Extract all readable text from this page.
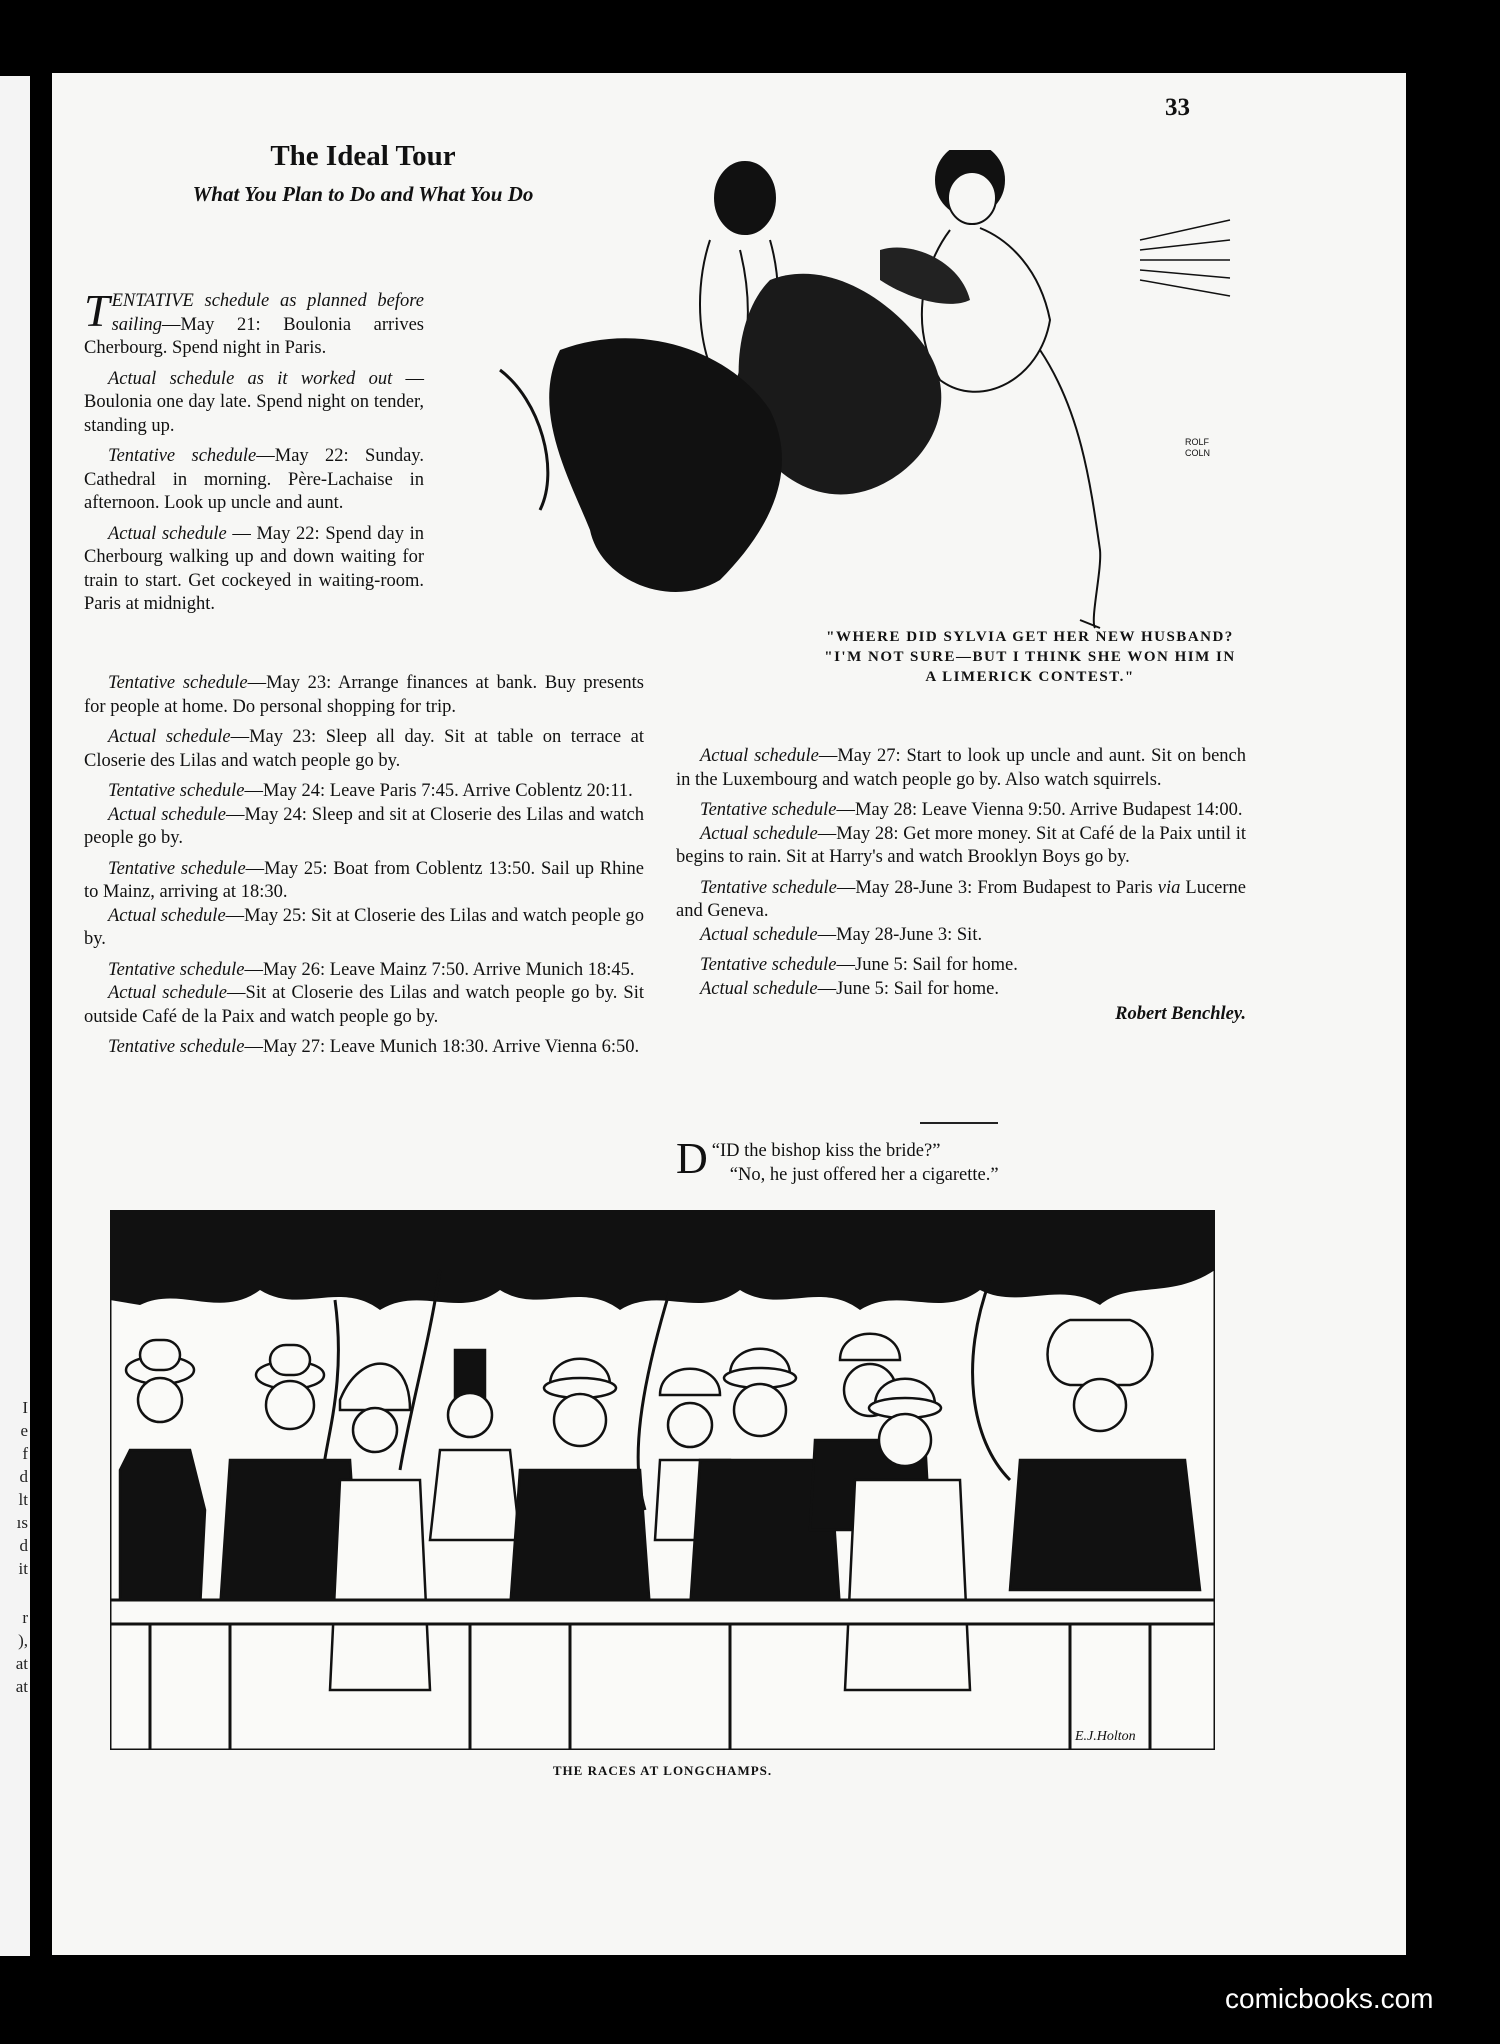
I
e
f
d
lt
ıs
d
it
r
),
at
at
33
The Ideal Tour
What You Plan to Do and What You Do
ROLF
COLN
"WHERE DID SYLVIA GET HER NEW HUSBAND?
"I'M NOT SURE—BUT I THINK SHE WON HIM IN A LIMERICK CONTEST."

TENTATIVE schedule as planned before sailing—May 21: Boulonia arrives Cherbourg. Spend night in Paris.

Actual schedule as it worked out — Boulonia one day late. Spend night on tender, standing up.

Tentative schedule—May 22: Sunday. Cathedral in morning. Père-Lachaise in afternoon. Look up uncle and aunt.

Actual schedule — May 22: Spend day in Cherbourg walking up and down waiting for train to start. Get cockeyed in waiting-room. Paris at midnight.

Tentative schedule—May 23: Arrange finances at bank. Buy presents for people at home. Do personal shopping for trip.

Actual schedule—May 23: Sleep all day. Sit at table on terrace at Closerie des Lilas and watch people go by.

Tentative schedule—May 24: Leave Paris 7:45. Arrive Coblentz 20:11.

Actual schedule—May 24: Sleep and sit at Closerie des Lilas and watch people go by.

Tentative schedule—May 25: Boat from Coblentz 13:50. Sail up Rhine to Mainz, arriving at 18:30.

Actual schedule—May 25: Sit at Closerie des Lilas and watch people go by.

Tentative schedule—May 26: Leave Mainz 7:50. Arrive Munich 18:45.

Actual schedule—Sit at Closerie des Lilas and watch people go by. Sit outside Café de la Paix and watch people go by.

Tentative schedule—May 27: Leave Munich 18:30. Arrive Vienna 6:50.

Actual schedule—May 27: Start to look up uncle and aunt. Sit on bench in the Luxembourg and watch people go by. Also watch squirrels.

Tentative schedule—May 28: Leave Vienna 9:50. Arrive Budapest 14:00.

Actual schedule—May 28: Get more money. Sit at Café de la Paix until it begins to rain. Sit at Harry's and watch Brooklyn Boys go by.

Tentative schedule—May 28-June 3: From Budapest to Paris via Lucerne and Geneva.

Actual schedule—May 28-June 3: Sit.

Tentative schedule—June 5: Sail for home.

Actual schedule—June 5: Sail for home.

Robert Benchley.

“
D ID the bishop kiss the bride?”
“No, he just offered her a cigarette.”

E.J.Holton
THE RACES AT LONGCHAMPS.
comicbooks.com
